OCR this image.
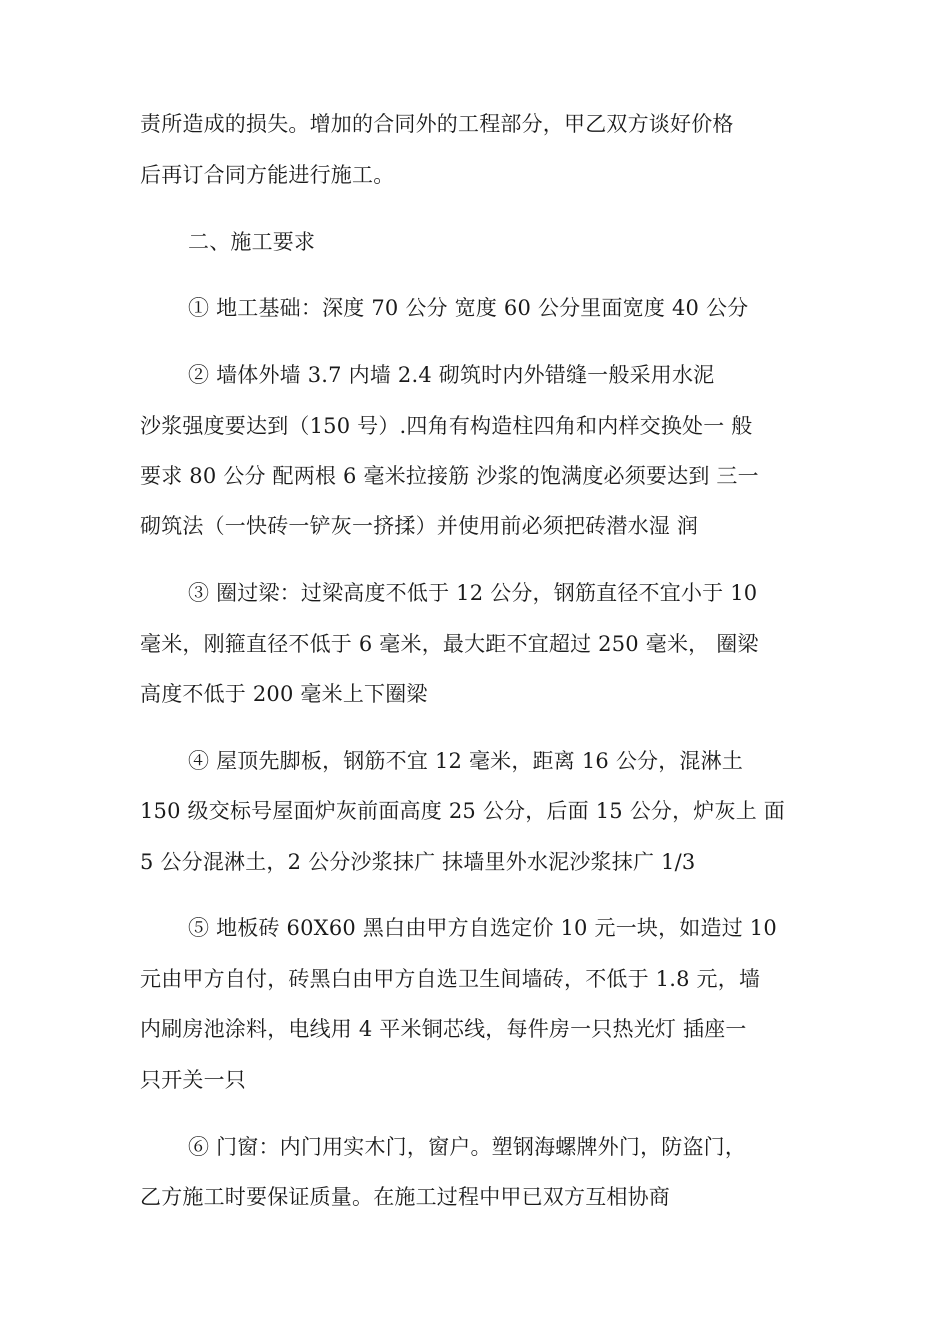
责所造成的损失。增加的合同外的工程部分，甲乙双方谈好价格
后再订合同方能进行施工。
二、施工要求
① 地工基础：深度 70 公分 宽度 60 公分里面宽度 40 公分
② 墙体外墙 3.7 内墙 2.4 砌筑时内外错缝一般采用水泥
沙浆强度要达到（150 号）.四角有构造柱四角和内样交换处一 般
要求 80 公分 配两根 6 毫米拉接筋 沙浆的饱满度必须要达到 三一
砌筑法（一快砖一铲灰一挤揉）并使用前必须把砖潜水湿 润
③ 圈过梁：过梁高度不低于 12 公分，钢筋直径不宜小于 10
毫米，刚箍直径不低于 6 毫米，最大距不宜超过 250 毫米， 圈梁
高度不低于 200 毫米上下圈梁
④ 屋顶先脚板，钢筋不宜 12 毫米，距离 16 公分，混淋土
150 级交标号屋面炉灰前面高度 25 公分，后面 15 公分，炉灰上 面
5 公分混淋土，2 公分沙浆抹广 抹墙里外水泥沙浆抹广 1/3
⑤ 地板砖 60X60 黑白由甲方自选定价 10 元一块，如造过 10
元由甲方自付，砖黑白由甲方自选卫生间墙砖，不低于 1.8 元，墙
内刷房池涂料，电线用 4 平米铜芯线，每件房一只热光灯 插座一
只开关一只
⑥ 门窗：内门用实木门，窗户。塑钢海螺牌外门，防盗门，
乙方施工时要保证质量。在施工过程中甲已双方互相协商
